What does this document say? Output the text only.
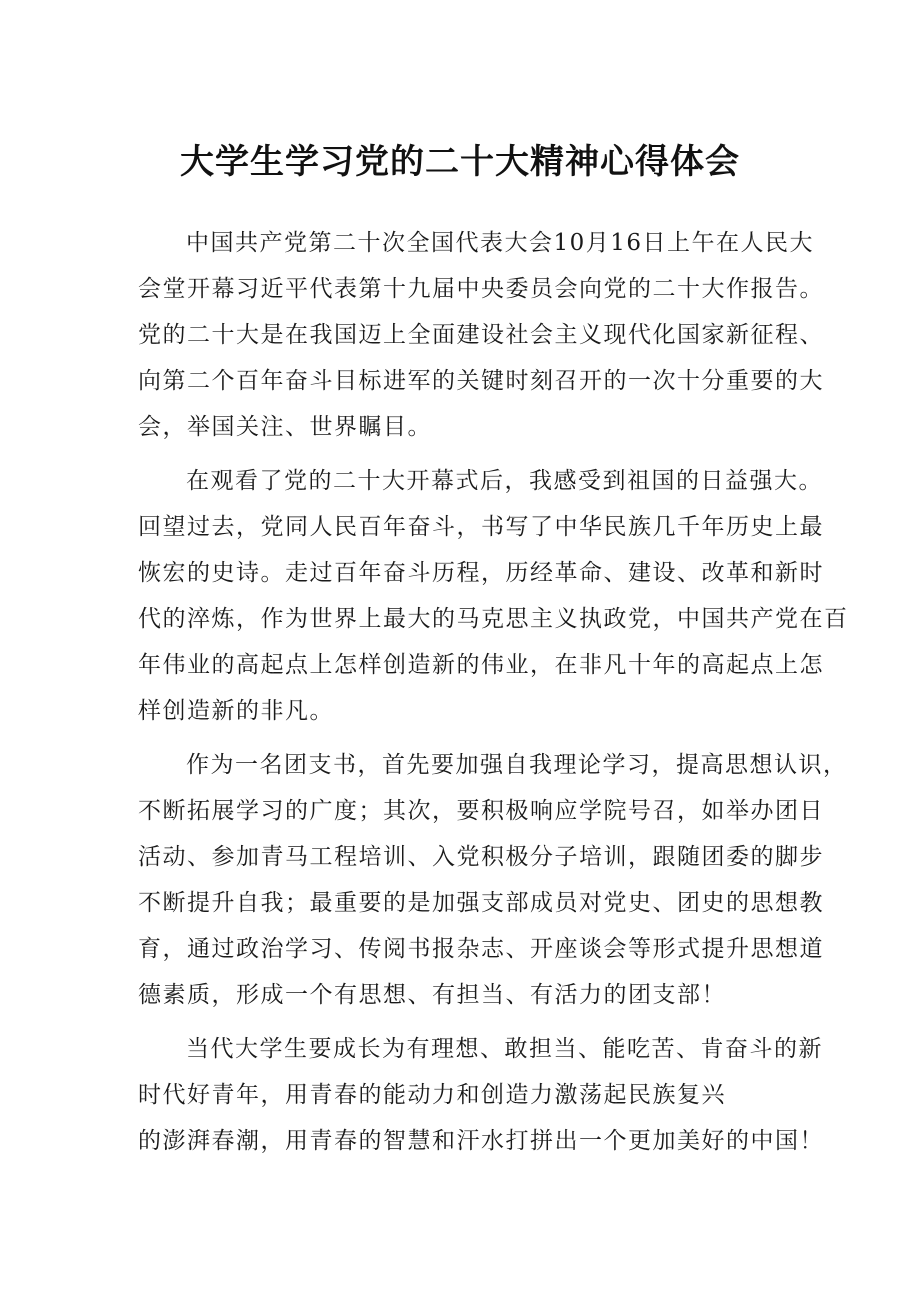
大学生学习党的二十大精神心得体会

中国共产党第二十次全国代表大会10月16日上午在人民大

会堂开幕习近平代表第十九届中央委员会向党的二十大作报告。

党的二十大是在我国迈上全面建设社会主义现代化国家新征程、

向第二个百年奋斗目标进军的关键时刻召开的一次十分重要的大

会，举国关注、世界瞩目。

在观看了党的二十大开幕式后，我感受到祖国的日益强大。

回望过去，党同人民百年奋斗，书写了中华民族几千年历史上最

恢宏的史诗。走过百年奋斗历程，历经革命、建设、改革和新时

代的淬炼，作为世界上最大的马克思主义执政党，中国共产党在百

年伟业的高起点上怎样创造新的伟业，在非凡十年的高起点上怎

样创造新的非凡。

作为一名团支书，首先要加强自我理论学习，提高思想认识，

不断拓展学习的广度；其次，要积极响应学院号召，如举办团日

活动、参加青马工程培训、入党积极分子培训，跟随团委的脚步

不断提升自我；最重要的是加强支部成员对党史、团史的思想教

育，通过政治学习、传阅书报杂志、开座谈会等形式提升思想道

德素质，形成一个有思想、有担当、有活力的团支部！

当代大学生要成长为有理想、敢担当、能吃苦、肯奋斗的新

时代好青年，用青春的能动力和创造力激荡起民族复兴

的澎湃春潮，用青春的智慧和汗水打拼出一个更加美好的中国！
